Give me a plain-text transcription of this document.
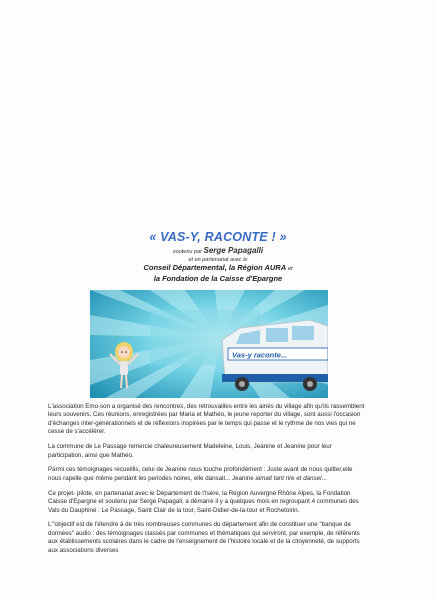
« VAS-Y, RACONTE ! »
soutenu par Serge Papagalli
et en partenariat avec le
Conseil Départemental, la Région AURA et
la Fondation de la Caisse d'Epargne
Vas-y raconte...

L'association Emo-son a organisé des rencontres, des retrouvailles entre les ainés du village afin qu'ils rassemblent leurs souvenirs. Ces réunions, enregistrées par Maria et Mathéo, le jeune reporter du village, sont aussi l'occasion d'échanges inter-générationnels et de réflexions inspirées par le temps qui passe et le rythme de nos vies qui ne cesse de s'accélérer.

La commune de Le Passage remercie chaleureusement Madeleine, Louis, Jeanine et Jeanine pour leur participation, ainsi que Mathéo.

Parmi ces témoignages recueillis, celui de Jeanine nous touche profondément : Juste avant de nous quitter,elle nous rapelle que même pendant les periodes noires, elle dansait... Jeanine aimait tant rire et danser...

Ce projet- pilote, en partenariat avec le Département de l'Isère, la Région Auvergne Rhône Alpes, la Fondation Caisse d'Epargne et soutenu par Serge Papagali, a démarré il y a quelques mois en regroupant 4 communes des Vals du Dauphiné : Le Passage, Saint Clair de la tour, Saint-Didier-de-la-tour et Rochetoirin.

L'"objectif est de l'étendre à de très nombreuses communes du département afin de constituer une "banque de données" audio : des témoignages classés par communes et thématiques qui serviront, par exemple, de référents aux établissements scolaires dans le cadre de l'enseignement de l'histoire locale et de la citoyenneté, de supports aux associations diverses
